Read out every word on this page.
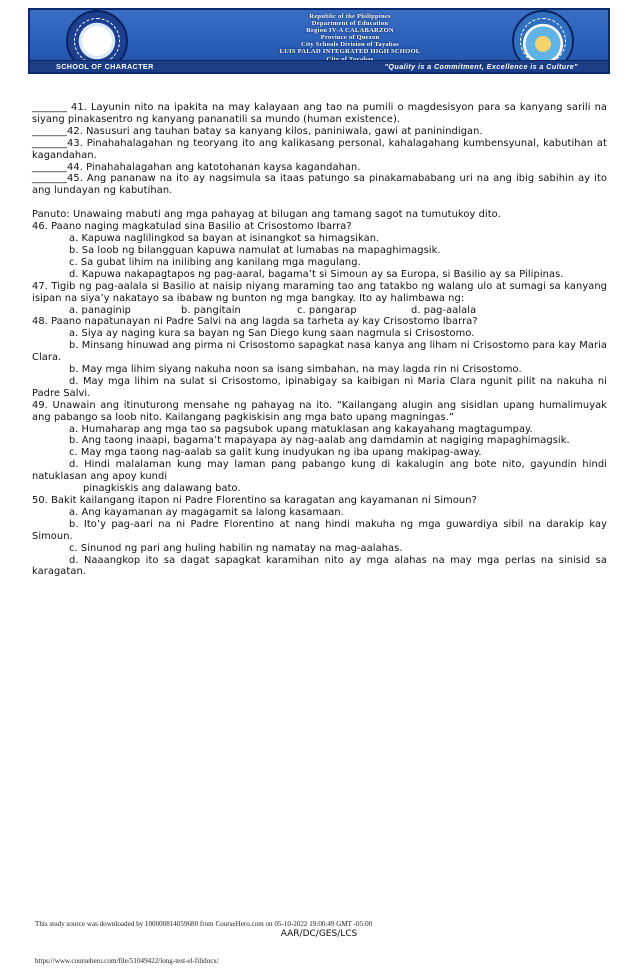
Republic of the Philippines
Department of Education
Region IV-A CALABARZON
Province of Quezon
City Schools Division of Tayabas
LUIS PALAD INTEGRATED HIGH SCHOOL
SCHOOL OF CHARACTER	"Quality is a Commitment, Excellence is a Culture"
_______ 41. Layunin nito na ipakita na may kalayaan ang tao na pumili o magdesisyon para sa kanyang sarili na siyang pinakasentro ng kanyang pananatili sa mundo (human existence).
_______42. Nasusuri ang tauhan batay sa kanyang kilos, paniniwala, gawi at paninindigan.
_______43. Pinahahalagahan ng teoryang ito ang kalikasang personal, kahalagahang kumbensyunal, kabutihan at kagandahan.
_______44. Pinahahalagahan ang katotohanan kaysa kagandahan.
_______45. Ang pananaw na ito ay nagsimula sa itaas patungo sa pinakamababang uri na ang ibig sabihin ay ito ang lundayan ng kabutihan.
Panuto: Unawaing mabuti ang mga pahayag at bilugan ang tamang sagot na tumutukoy dito.
46. Paano naging magkatulad sina Basilio at Crisostomo Ibarra?
a. Kapuwa naglilingkod sa bayan at isinangkot sa himagsikan.
b. Sa loob ng bilangguan kapuwa namulat at lumabas na mapaghimagsik.
c. Sa gubat lihim na inilibing ang kanilang mga magulang.
d. Kapuwa nakapagtapos ng pag-aaral, bagama’t si Simoun ay sa Europa, si Basilio ay sa Pilipinas.
47. Tigib ng pag-aalala si Basilio at naisip niyang maraming tao ang tatakbo ng walang ulo at sumagi sa kanyang isipan na siya’y nakatayo sa ibabaw ng bunton ng mga bangkay. Ito ay halimbawa ng:
a. panaginip	b. pangitain	c. pangarap	d. pag-aalala
48. Paano napatunayan ni Padre Salvi na ang lagda sa tarheta ay kay Crisostomo Ibarra?
a. Siya ay naging kura sa bayan ng San Diego kung saan nagmula si Crisostomo.
b. Minsang hinuwad ang pirma ni Crisostomo sapagkat nasa kanya ang liham ni Crisostomo para kay Maria Clara.
b. May mga lihim siyang nakuha noon sa isang simbahan, na may lagda rin ni Crisostomo.
d. May mga lihim na sulat si Crisostomo, ipinabigay sa kaibigan ni Maria Clara ngunit pilit na nakuha ni Padre Salvi.
49. Unawain ang itinuturong mensahe ng pahayag na ito. “Kailangang alugin ang sisidlan upang humalimuyak ang pabango sa loob nito. Kailangang pagkiskisin ang mga bato upang magningas.”
a. Humaharap ang mga tao sa pagsubok upang matuklasan ang kakayahang magtagumpay.
b. Ang taong inaapi, bagama’t mapayapa ay nag-aalab ang damdamin at nagiging mapaghimagsik.
c. May mga taong nag-aalab sa galit kung inudyukan ng iba upang makipag-away.
d. Hindi malalaman kung may laman pang pabango kung di kakalugin ang bote nito, gayundin hindi natuklasan ang apoy kundi
pinagkiskis ang dalawang bato.
50. Bakit kailangang itapon ni Padre Florentino sa karagatan ang kayamanan ni Simoun?
a. Ang kayamanan ay magagamit sa lalong kasamaan.
b. Ito’y pag-aari na ni Padre Florentino at nang hindi makuha ng mga guwardiya sibil na darakip kay Simoun.
c. Sinunod ng pari ang huling habilin ng namatay na mag-aalahas.
d. Naaangkop ito sa dagat sapagkat karamihan nito ay mga alahas na may mga perlas na sinisid sa karagatan.
This study source was downloaded by 100000814059680 from CourseHero.com on 05-10-2022 19:00:49 GMT -05:00
AAR/DC/GES/LCS
https://www.coursehero.com/file/51049422/long-test-el-filidocx/
